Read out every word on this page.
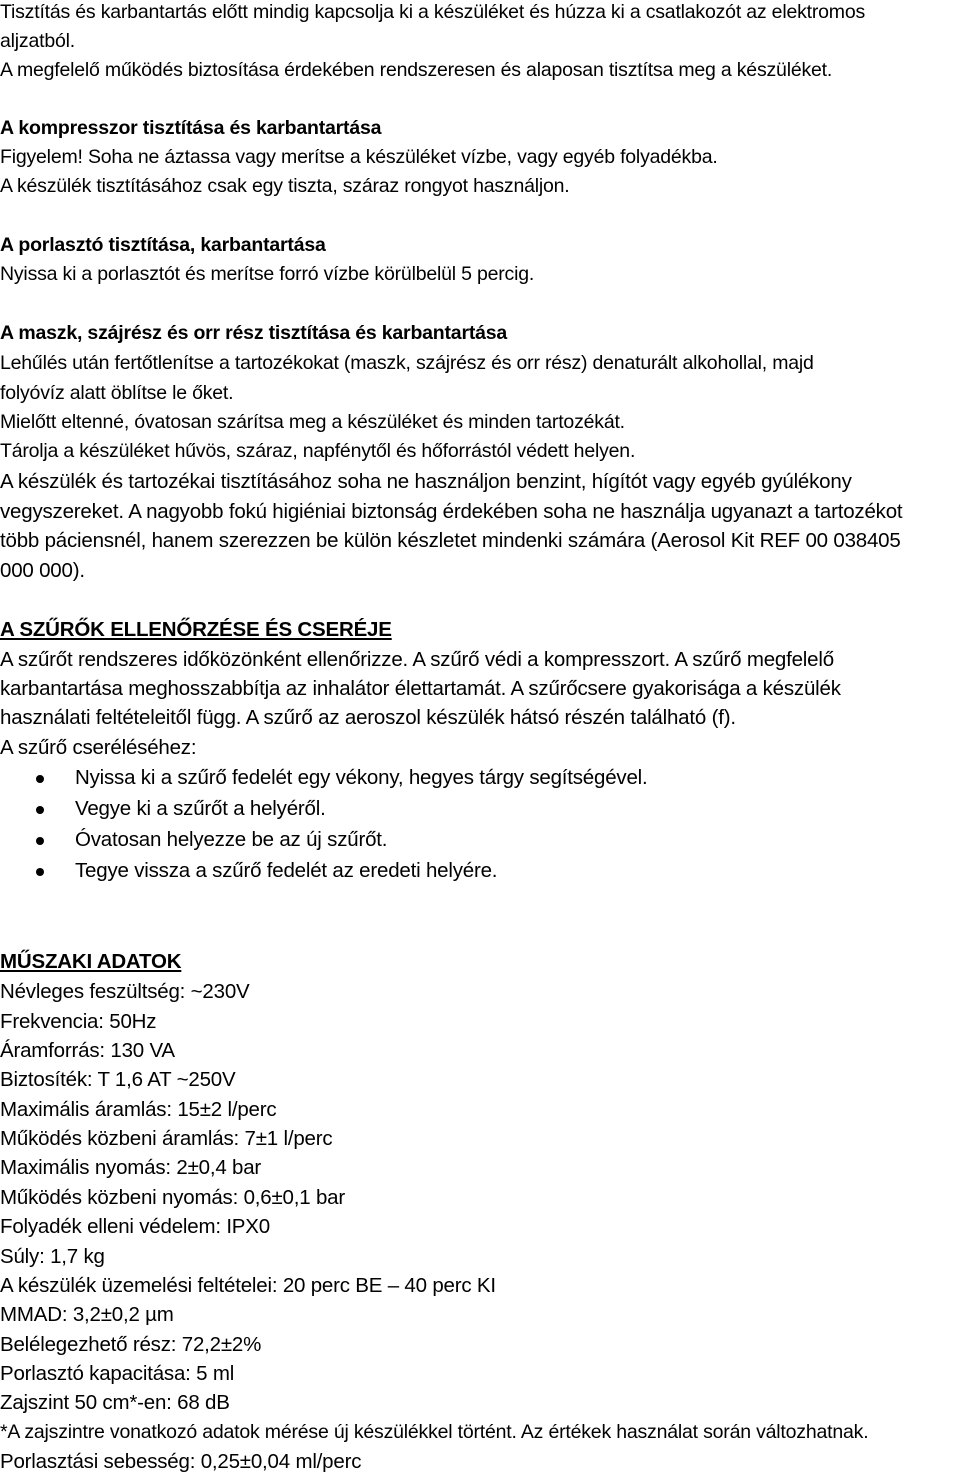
Tisztítás és karbantartás előtt mindig kapcsolja ki a készüléket és húzza ki a csatlakozót az elektromos
aljzatból.
A megfelelő működés biztosítása érdekében rendszeresen és alaposan tisztítsa meg a készüléket.
A kompresszor tisztítása és karbantartása
Figyelem! Soha ne áztassa vagy merítse a készüléket vízbe, vagy egyéb folyadékba.
A készülék tisztításához csak egy tiszta, száraz rongyot használjon.
A porlasztó tisztítása, karbantartása
Nyissa ki a porlasztót és merítse forró vízbe körülbelül 5 percig.
A maszk, szájrész és orr rész tisztítása és karbantartása
Lehűlés után fertőtlenítse a tartozékokat (maszk, szájrész és orr rész) denaturált alkohollal, majd
folyóvíz alatt öblítse le őket.
Mielőtt eltenné, óvatosan szárítsa meg a készüléket és minden tartozékát.
Tárolja a készüléket hűvös, száraz, napfénytől és hőforrástól védett helyen.
A készülék és tartozékai tisztításához soha ne használjon benzint, hígítót vagy egyéb gyúlékony
vegyszereket. A nagyobb fokú higiéniai biztonság érdekében soha ne használja ugyanazt a tartozékot
több páciensnél, hanem szerezzen be külön készletet mindenki számára (Aerosol Kit REF 00 038405
000 000).
A SZŰRŐK ELLENŐRZÉSE ÉS CSERÉJE
A szűrőt rendszeres időközönként ellenőrizze. A szűrő védi a kompresszort. A szűrő megfelelő
karbantartása meghosszabbítja az inhalátor élettartamát. A szűrőcsere gyakorisága a készülék
használati feltételeitől függ. A szűrő az aeroszol készülék hátsó részén található (f).
A szűrő cseréléséhez:
Nyissa ki a szűrő fedelét egy vékony, hegyes tárgy segítségével.
Vegye ki a szűrőt a helyéről.
Óvatosan helyezze be az új szűrőt.
Tegye vissza a szűrő fedelét az eredeti helyére.
MŰSZAKI ADATOK
Névleges feszültség: ~230V
Frekvencia: 50Hz
Áramforrás: 130 VA
Biztosíték: T 1,6 AT ~250V
Maximális áramlás: 15±2 l/perc
Működés közbeni áramlás: 7±1 l/perc
Maximális nyomás: 2±0,4 bar
Működés közbeni nyomás: 0,6±0,1 bar
Folyadék elleni védelem: IPX0
Súly: 1,7 kg
A készülék üzemelési feltételei: 20 perc BE – 40 perc KI
MMAD: 3,2±0,2 µm
Belélegezhető rész: 72,2±2%
Porlasztó kapacitása: 5 ml
Zajszint 50 cm*-en: 68 dB
*A zajszintre vonatkozó adatok mérése új készülékkel történt. Az értékek használat során változhatnak.
Porlasztási sebesség: 0,25±0,04 ml/perc
